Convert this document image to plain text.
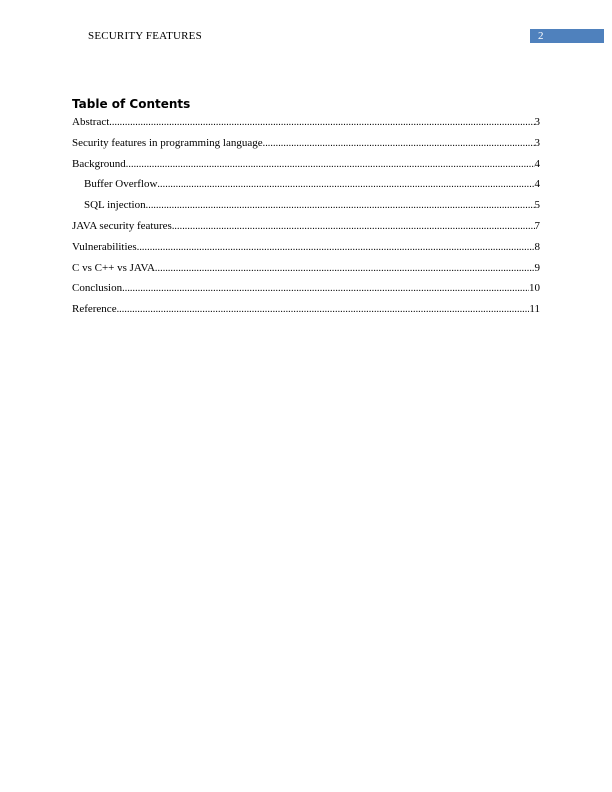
SECURITY FEATURES	2
Table of Contents
Abstract .....	3
Security features in programming language .....	3
Background .....	4
Buffer Overflow .....	4
SQL injection .....	5
JAVA security features .....	7
Vulnerabilities .....	8
C vs C++ vs JAVA .....	9
Conclusion .....	10
Reference .....	11
